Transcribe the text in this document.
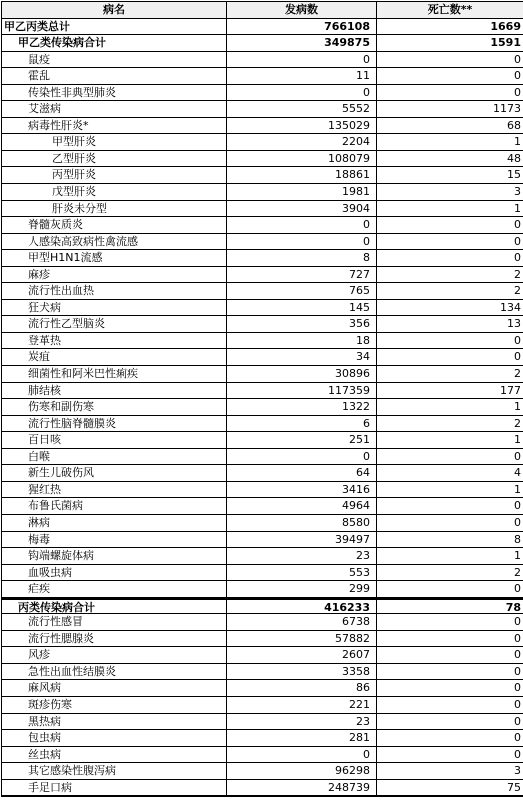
病名	发病数	死亡数**
甲乙丙类总计	766108	1669
甲乙类传染病合计	349875	1591
鼠疫	0	0
霍乱	11	0
传染性非典型肺炎	0	0
艾滋病	5552	1173
病毒性肝炎*	135029	68
甲型肝炎	2204	1
乙型肝炎	108079	48
丙型肝炎	18861	15
戊型肝炎	1981	3
肝炎未分型	3904	1
脊髓灰质炎	0	0
人感染高致病性禽流感	0	0
甲型H1N1流感	8	0
麻疹	727	2
流行性出血热	765	2
狂犬病	145	134
流行性乙型脑炎	356	13
登革热	18	0
炭疽	34	0
细菌性和阿米巴性痢疾	30896	2
肺结核	117359	177
伤寒和副伤寒	1322	1
流行性脑脊髓膜炎	6	2
百日咳	251	1
白喉	0	0
新生儿破伤风	64	4
猩红热	3416	1
布鲁氏菌病	4964	0
淋病	8580	0
梅毒	39497	8
钩端螺旋体病	23	1
血吸虫病	553	2
疟疾	299	0
丙类传染病合计	416233	78
流行性感冒	6738	0
流行性腮腺炎	57882	0
风疹	2607	0
急性出血性结膜炎	3358	0
麻风病	86	0
斑疹伤寒	221	0
黑热病	23	0
包虫病	281	0
丝虫病	0	0
其它感染性腹泻病	96298	3
手足口病	248739	75
